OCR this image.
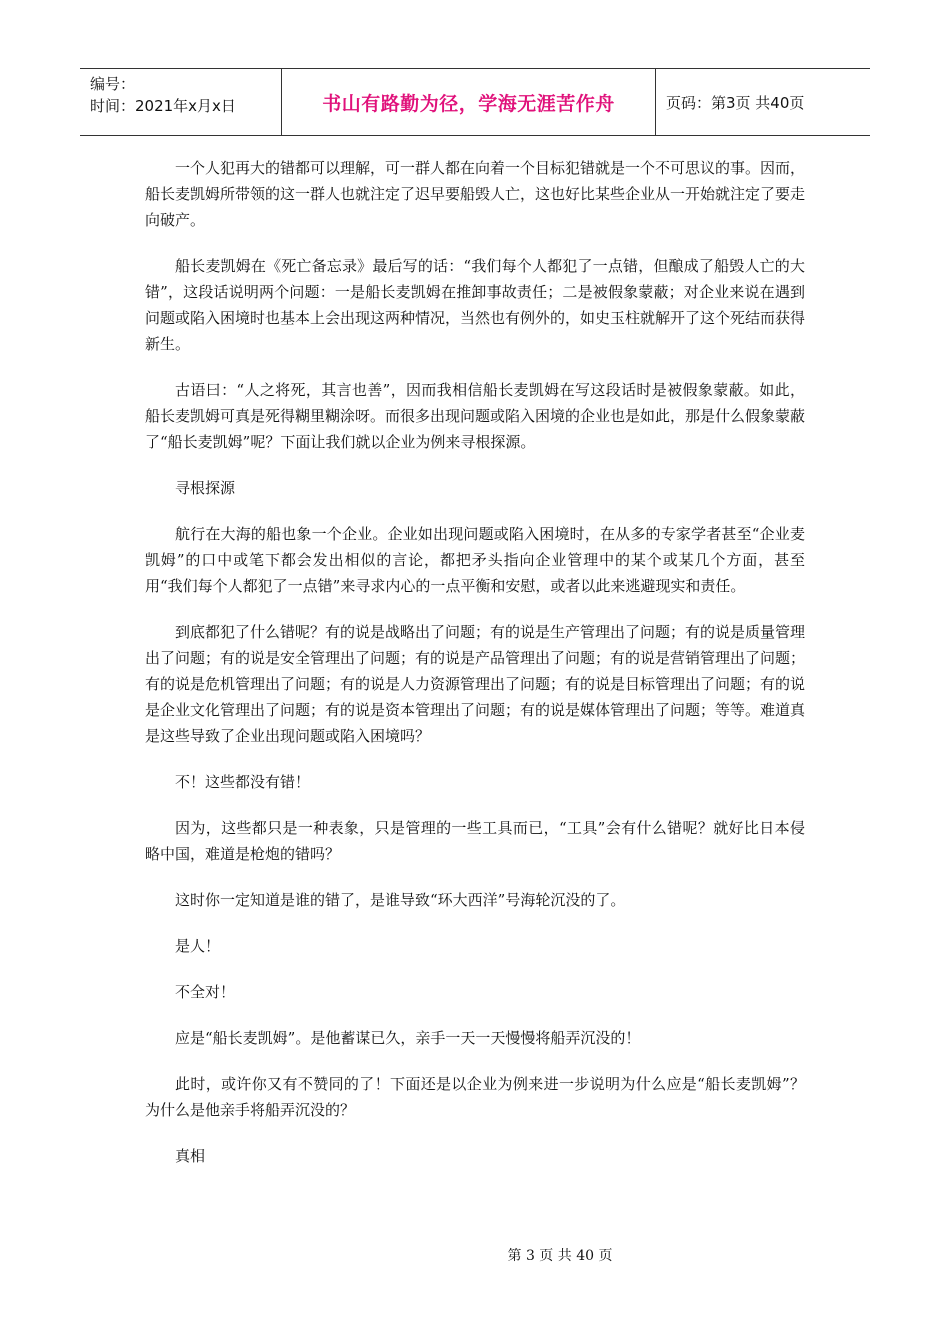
编号：
时间：2021年x月x日	书山有路勤为径，学海无涯苦作舟	页码：第3页 共40页

一个人犯再大的错都可以理解，可一群人都在向着一个目标犯错就是一个不可思议的事。因而，船长麦凯姆所带领的这一群人也就注定了迟早要船毁人亡，这也好比某些企业从一开始就注定了要走向破产。

船长麦凯姆在《死亡备忘录》最后写的话：“我们每个人都犯了一点错，但酿成了船毁人亡的大错”，这段话说明两个问题：一是船长麦凯姆在推卸事故责任；二是被假象蒙蔽；对企业来说在遇到问题或陷入困境时也基本上会出现这两种情况，当然也有例外的，如史玉柱就解开了这个死结而获得新生。

古语曰：“人之将死，其言也善”，因而我相信船长麦凯姆在写这段话时是被假象蒙蔽。如此，船长麦凯姆可真是死得糊里糊涂呀。而很多出现问题或陷入困境的企业也是如此，那是什么假象蒙蔽了“船长麦凯姆”呢？下面让我们就以企业为例来寻根探源。

寻根探源

航行在大海的船也象一个企业。企业如出现问题或陷入困境时，在从多的专家学者甚至“企业麦凯姆”的口中或笔下都会发出相似的言论，都把矛头指向企业管理中的某个或某几个方面，甚至用“我们每个人都犯了一点错”来寻求内心的一点平衡和安慰，或者以此来逃避现实和责任。

到底都犯了什么错呢？有的说是战略出了问题；有的说是生产管理出了问题；有的说是质量管理出了问题；有的说是安全管理出了问题；有的说是产品管理出了问题；有的说是营销管理出了问题；有的说是危机管理出了问题；有的说是人力资源管理出了问题；有的说是目标管理出了问题；有的说是企业文化管理出了问题；有的说是资本管理出了问题；有的说是媒体管理出了问题；等等。难道真是这些导致了企业出现问题或陷入困境吗？

不！这些都没有错！

因为，这些都只是一种表象，只是管理的一些工具而已，“工具”会有什么错呢？就好比日本侵略中国，难道是枪炮的错吗？

这时你一定知道是谁的错了，是谁导致“环大西洋”号海轮沉没的了。

是人！

不全对！

应是“船长麦凯姆”。是他蓄谋已久，亲手一天一天慢慢将船弄沉没的！

此时，或许你又有不赞同的了！下面还是以企业为例来进一步说明为什么应是“船长麦凯姆”？为什么是他亲手将船弄沉没的？

真相

第 3 页 共 40 页
